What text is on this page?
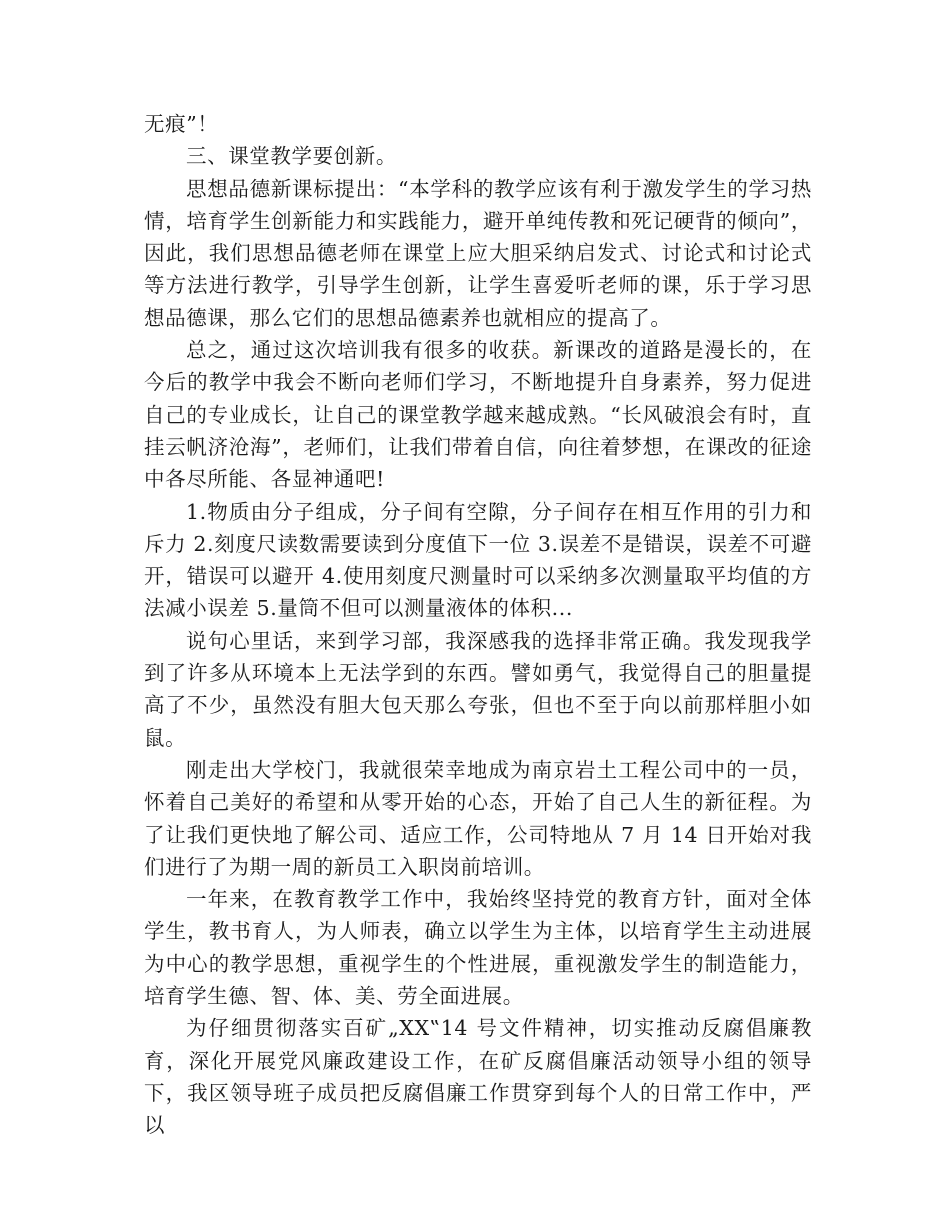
无痕”！

三、课堂教学要创新。

思想品德新课标提出：“本学科的教学应该有利于激发学生的学习热情，培育学生创新能力和实践能力，避开单纯传教和死记硬背的倾向”，因此，我们思想品德老师在课堂上应大胆采纳启发式、讨论式和讨论式等方法进行教学，引导学生创新，让学生喜爱听老师的课，乐于学习思想品德课，那么它们的思想品德素养也就相应的提高了。

总之，通过这次培训我有很多的收获。新课改的道路是漫长的，在今后的教学中我会不断向老师们学习，不断地提升自身素养，努力促进自己的专业成长，让自己的课堂教学越来越成熟。“长风破浪会有时，直挂云帆济沧海”，老师们，让我们带着自信，向往着梦想，在课改的征途中各尽所能、各显神通吧!

1.物质由分子组成，分子间有空隙，分子间存在相互作用的引力和斥力 2.刻度尺读数需要读到分度值下一位 3.误差不是错误，误差不可避开，错误可以避开 4.使用刻度尺测量时可以采纳多次测量取平均值的方法减小误差 5.量筒不但可以测量液体的体积...

说句心里话，来到学习部，我深感我的选择非常正确。我发现我学到了许多从环境本上无法学到的东西。譬如勇气，我觉得自己的胆量提高了不少，虽然没有胆大包天那么夸张，但也不至于向以前那样胆小如鼠。

刚走出大学校门，我就很荣幸地成为南京岩土工程公司中的一员，怀着自己美好的希望和从零开始的心态，开始了自己人生的新征程。为了让我们更快地了解公司、适应工作，公司特地从 7 月 14 日开始对我们进行了为期一周的新员工入职岗前培训。

一年来，在教育教学工作中，我始终坚持党的教育方针，面对全体学生，教书育人，为人师表，确立以学生为主体，以培育学生主动进展为中心的教学思想，重视学生的个性进展，重视激发学生的制造能力，培育学生德、智、体、美、劳全面进展。

为仔细贯彻落实百矿„XX‟14 号文件精神，切实推动反腐倡廉教育，深化开展党风廉政建设工作，在矿反腐倡廉活动领导小组的领导下，我区领导班子成员把反腐倡廉工作贯穿到每个人的日常工作中，严以
